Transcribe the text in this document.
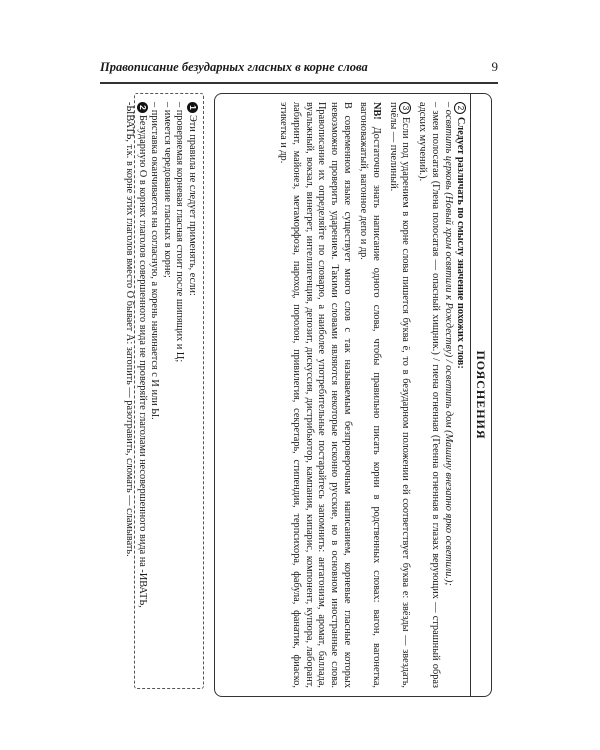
Правописание безударных гласных в корне слова	9
ПОЯСНЕНИЯ

2Следует различать по смыслу значение похожих слов:

– освятить церковь (Новый храм освятили к Рождеству) / осветить дом (Машину внезапно ярко осветили.);

– змея полосатая (Глена полосатая — опасный хищник.) / гиена огненная (Геенна огненная в глазах верующих — страшный образ адских мучений.).

3Если под ударением в корне слова пишется буква ё, то в безударном положении ей соответствует буква е: звёзды — звездать, пчёлы — пчелиный.

NB! Достаточно знать написание одного слова, чтобы правильно писать корни в родственных словах: вагон, вагонетка, вагоноважатый, вагонное депо и др.

В современном языке существует много слов с так называемым безпроверочным написанием, корневые гласные которых невозможно проверить ударением. Такими словами являются некоторые исконно русские, но в основном иностранные слова. Правописание их определяйте по словарю, а наиболее употребительные постарайтесь запомнить: антагонизм, аромат, баллада, вуальжный, вокзал, винегрет, интеллигенция, депозит, дискуссия, дистрибьютор, кампания, кипарис, компонент, купюра, лаборант, лабиринт, майонез, метаморфоза, пароход, поролон, привилегия, секретарь, стипендия, терпсихора, фабула, фанатик, фиаско, этикетка и др.

1Эти правила не следует применять, если:

– проверяемая корневая гласная стоит после шипящих и Ц;

– имеется чередование гласных в корне;

– приставка оканчивается на согласную, а корень начинается с И или Ы.

2Безударную О в корнях глаголов совершенного вида не проверяйте глаголами несовершенного вида на -ИВАТЬ,

-ЫВАТЬ, т.к. в корне этих глаголов вместо О бывает А: затопить — разотравить, сломать — сламывать.
